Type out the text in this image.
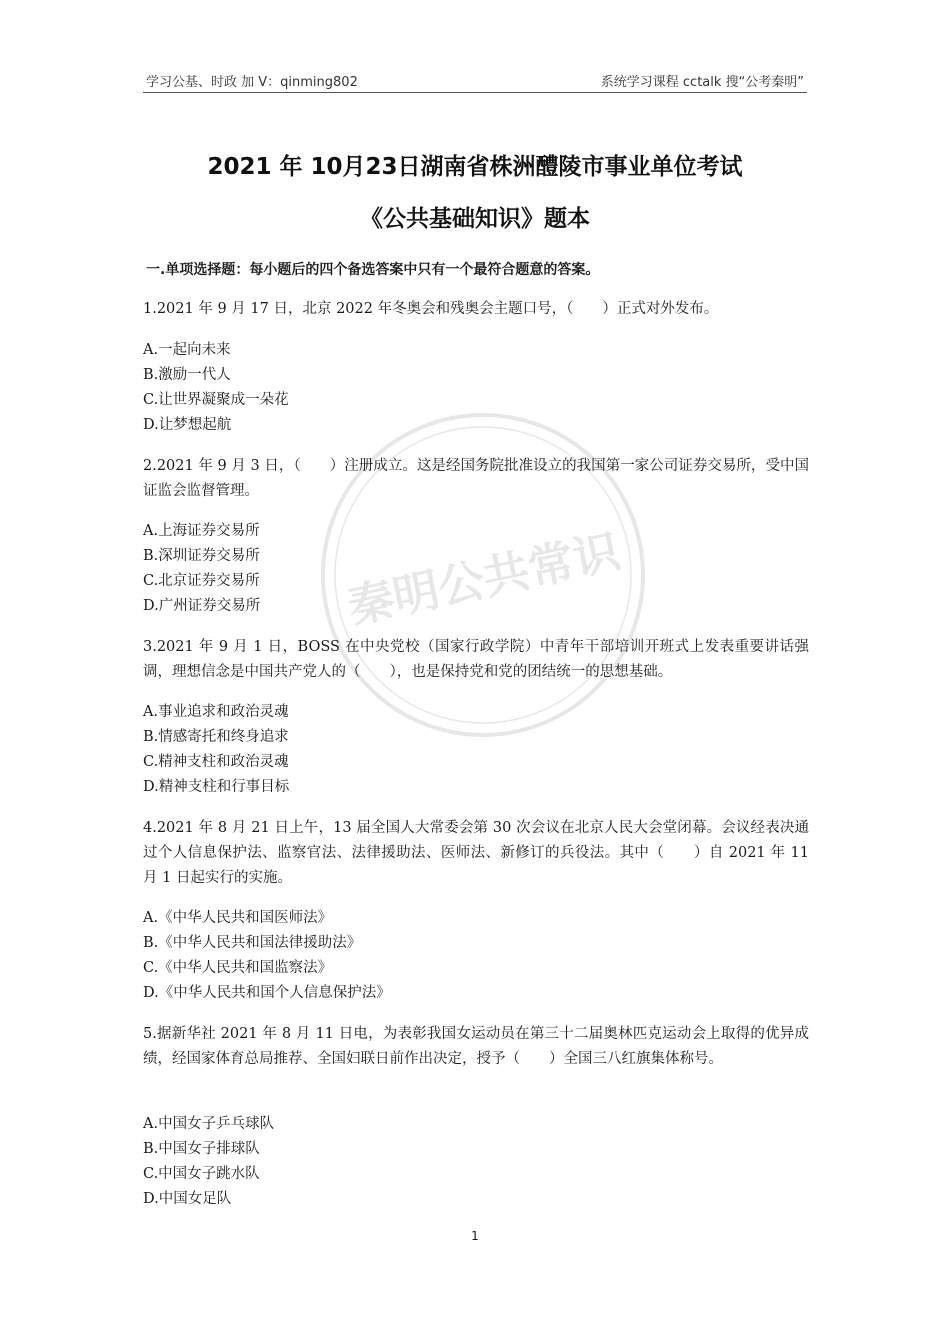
学习公基、时政 加 V：qinming802	系统学习课程 cctalk 搜“公考秦明”
秦明公共常识
2021 年 10月23日湖南省株洲醴陵市事业单位考试
《公共基础知识》题本
一.单项选择题：每小题后的四个备选答案中只有一个最符合题意的答案。

1.2021 年 9 月 17 日，北京 2022 年冬奥会和残奥会主题口号，（　　）正式对外发布。

A.一起向未来
B.激励一代人
C.让世界凝聚成一朵花
D.让梦想起航

2.2021 年 9 月 3 日，（　　）注册成立。这是经国务院批准设立的我国第一家公司证券交易所，受中国证监会监督管理。

A.上海证券交易所
B.深圳证券交易所
C.北京证券交易所
D.广州证券交易所

3.2021 年 9 月 1 日，BOSS 在中央党校（国家行政学院）中青年干部培训开班式上发表重要讲话强调，理想信念是中国共产党人的（　　），也是保持党和党的团结统一的思想基础。

A.事业追求和政治灵魂
B.情感寄托和终身追求
C.精神支柱和政治灵魂
D.精神支柱和行事目标

4.2021 年 8 月 21 日上午，13 届全国人大常委会第 30 次会议在北京人民大会堂闭幕。会议经表决通过个人信息保护法、监察官法、法律援助法、医师法、新修订的兵役法。其中（　　）自 2021 年 11 月 1 日起实行的实施。

A.《中华人民共和国医师法》
B.《中华人民共和国法律援助法》
C.《中华人民共和国监察法》
D.《中华人民共和国个人信息保护法》

5.据新华社 2021 年 8 月 11 日电，为表彰我国女运动员在第三十二届奥林匹克运动会上取得的优异成绩，经国家体育总局推荐、全国妇联日前作出决定，授予（　　）全国三八红旗集体称号。

A.中国女子乒乓球队
B.中国女子排球队
C.中国女子跳水队
D.中国女足队
1
